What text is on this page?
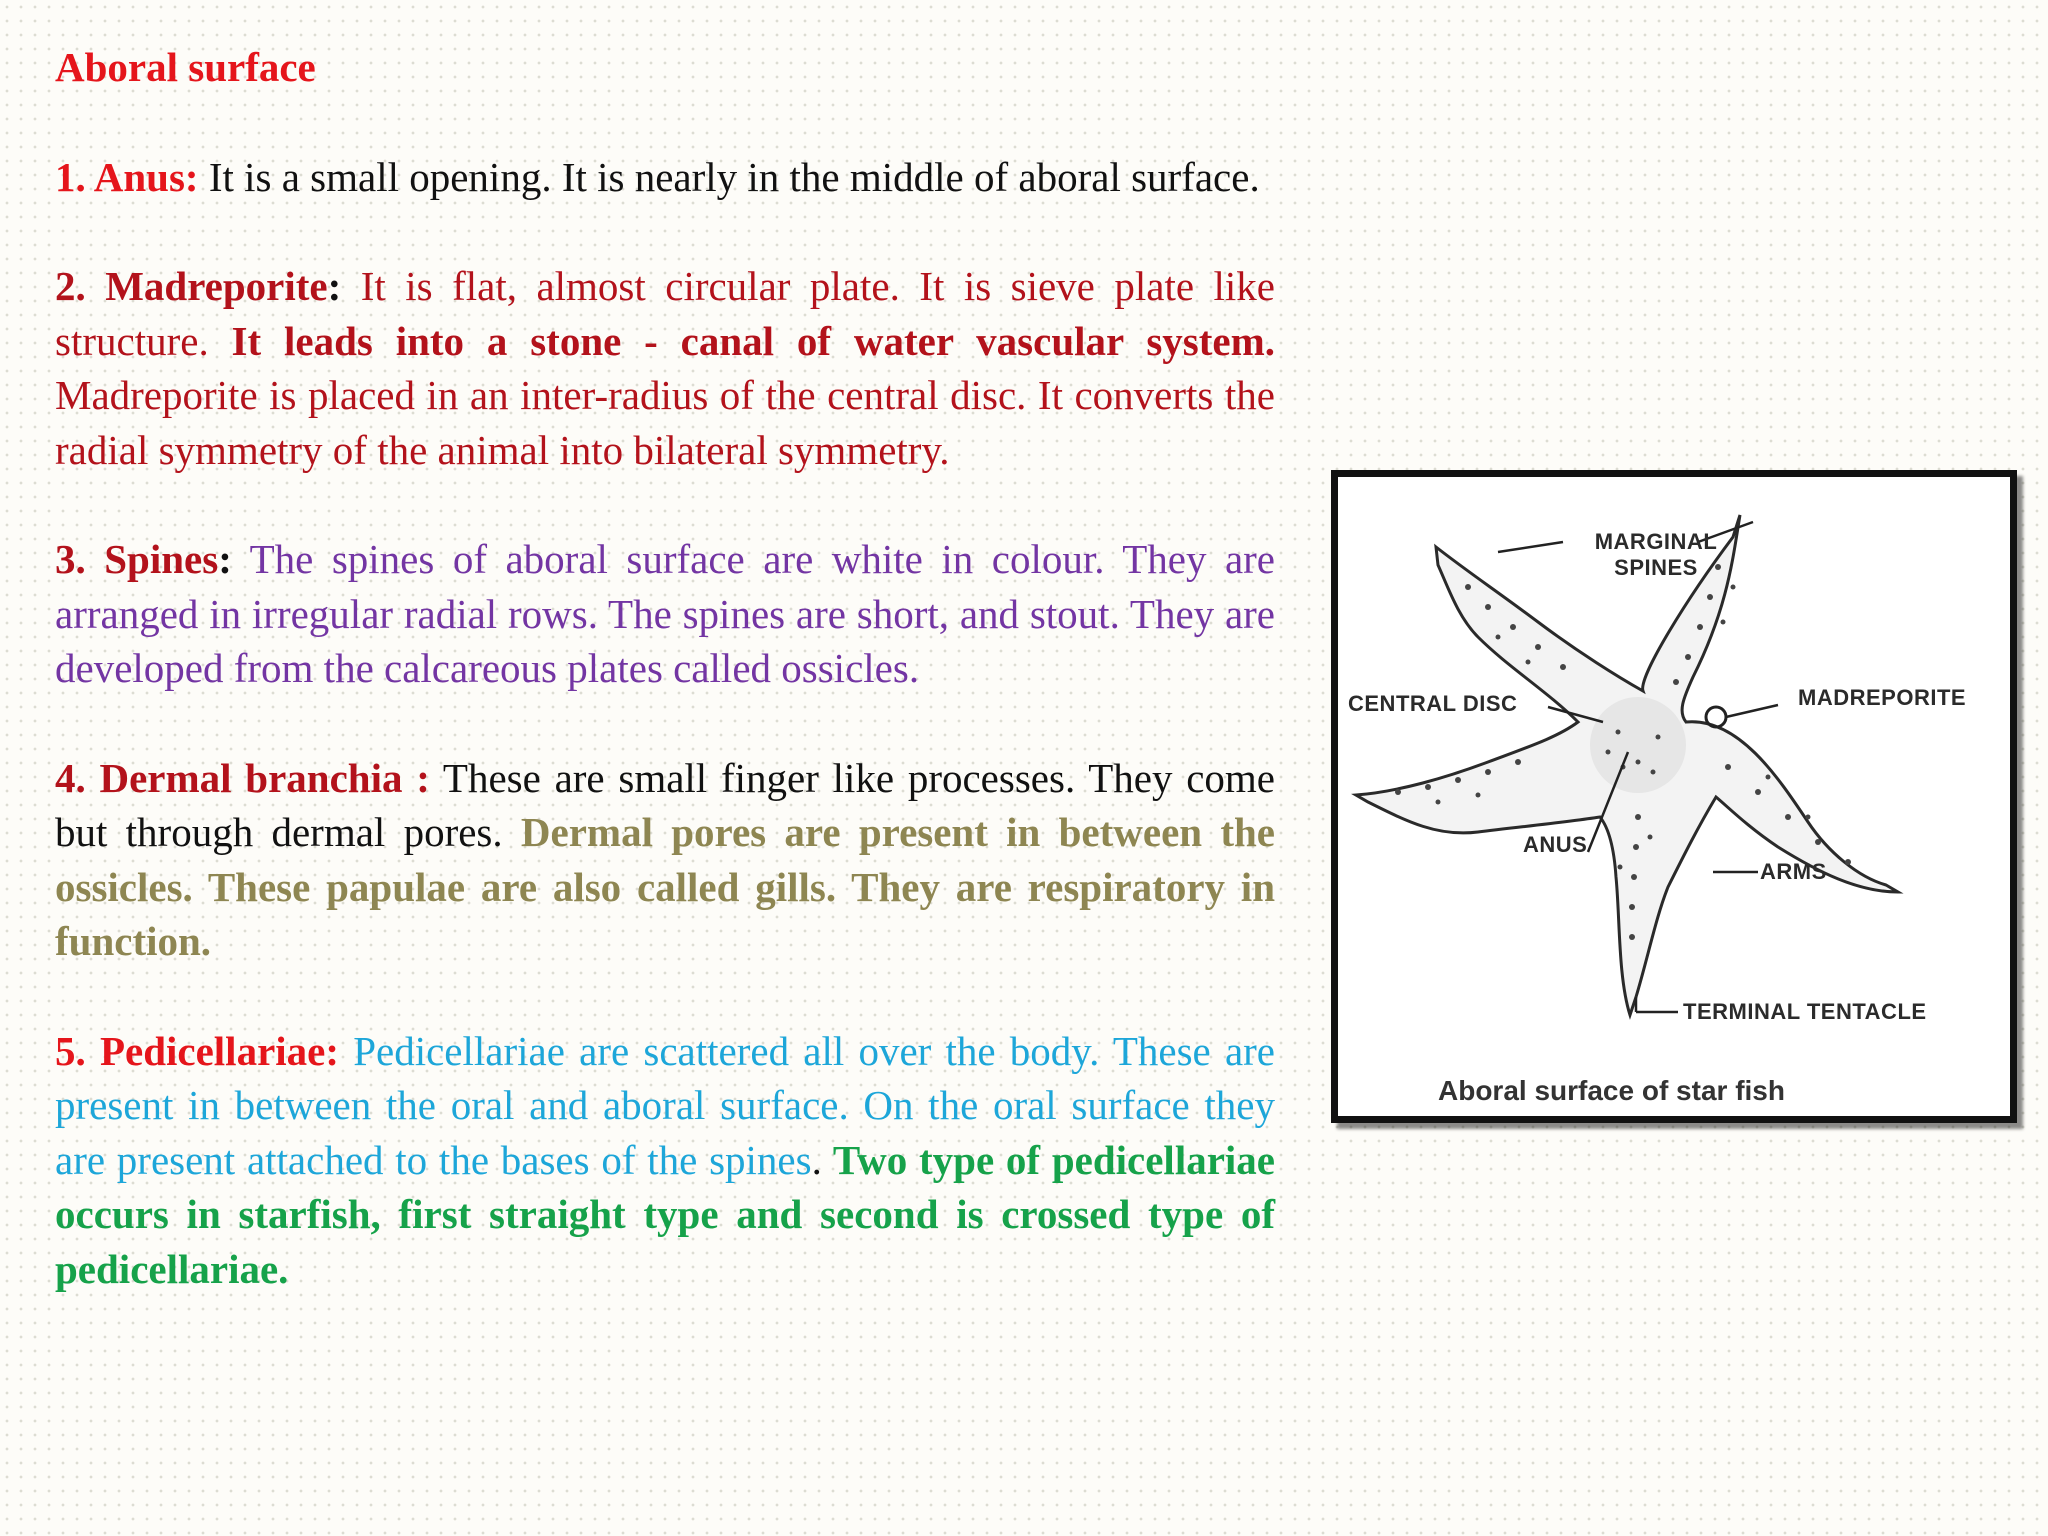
Aboral surface
1. Anus: It is a small opening. It is nearly in the middle of aboral surface.
2. Madreporite: It is flat, almost circular plate. It is sieve plate like structure. It leads into a stone - canal of water vascular system. Madreporite is placed in an inter-radius of the central disc. It converts the radial symmetry of the animal into bilateral symmetry.
3. Spines: The spines of aboral surface are white in colour. They are arranged in irregular radial rows. The spines are short, and stout. They are developed from the calcareous plates called ossicles.
4. Dermal branchia : These are small finger like processes. They come but through dermal pores. Dermal pores are present in between the ossicles. These papulae are also called gills. They are respiratory in function.
5. Pedicellariae: Pedicellariae are scattered all over the body. These are present in between the oral and aboral surface. On the oral surface they are present attached to the bases of the spines. Two type of pedicellariae occurs in starfish, first straight type and second is crossed type of pedicellariae.
MARGINAL
SPINES
CENTRAL DISC	MADREPORITE
ANUS
ARMS
TERMINAL TENTACLE
Aboral surface of star fish
